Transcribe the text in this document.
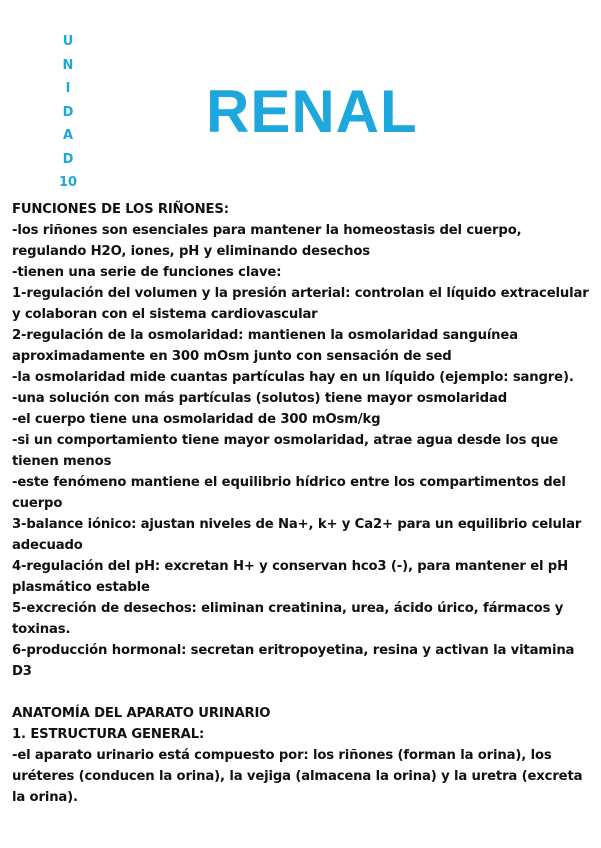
U
N
I
D
A
D
10
RENAL

FUNCIONES DE LOS RIÑONES:

-los riñones son esenciales para mantener la homeostasis del cuerpo,

regulando H2O, iones, pH y eliminando desechos

-tienen una serie de funciones clave:

1-regulación del volumen y la presión arterial: controlan el líquido extracelular

y colaboran con el sistema cardiovascular

2-regulación de la osmolaridad: mantienen la osmolaridad sanguínea

aproximadamente en 300 mOsm junto con sensación de sed

-la osmolaridad mide cuantas partículas hay en un líquido (ejemplo: sangre).

-una solución con más partículas (solutos) tiene mayor osmolaridad

-el cuerpo tiene una osmolaridad de 300 mOsm/kg

-si un comportamiento tiene mayor osmolaridad, atrae agua desde los que

tienen menos

-este fenómeno mantiene el equilibrio hídrico entre los compartimentos del

cuerpo

3-balance iónico: ajustan niveles de Na+, k+ y Ca2+ para un equilibrio celular

adecuado

4-regulación del pH: excretan H+ y conservan hco3 (-), para mantener el pH

plasmático estable

5-excreción de desechos: eliminan creatinina, urea, ácido úrico, fármacos y

toxinas.

6-producción hormonal: secretan eritropoyetina, resina y activan la vitamina

D3

ANATOMÍA DEL APARATO URINARIO

1. ESTRUCTURA GENERAL:

-el aparato urinario está compuesto por: los riñones (forman la orina), los

uréteres (conducen la orina), la vejiga (almacena la orina) y la uretra (excreta

la orina).
